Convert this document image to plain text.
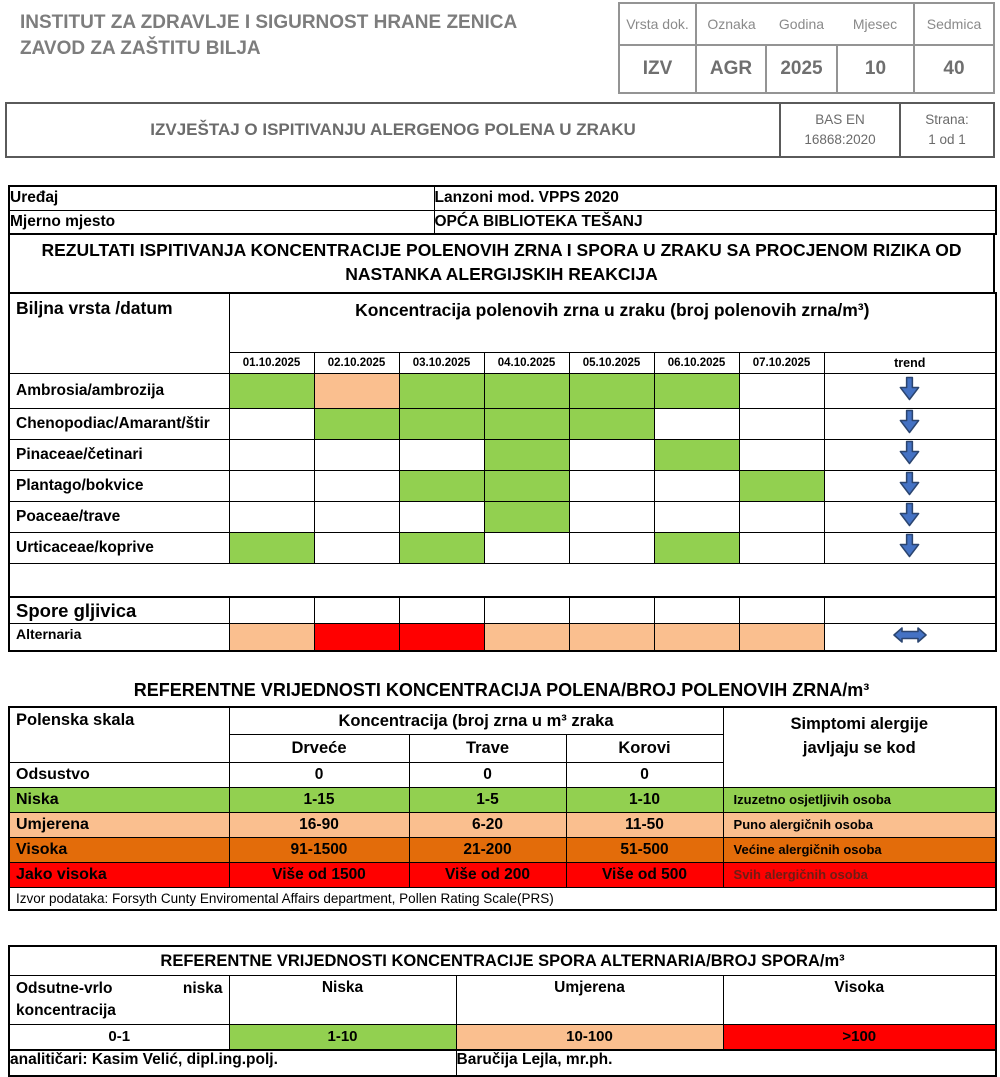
INSTITUT ZA ZDRAVLJE I SIGURNOST HRANE ZENICA
ZAVOD ZA ZAŠTITU BILJA
Vrsta dok.	Oznaka	Godina	Mjesec	Sedmica
IZV	AGR	2025	10	40
IZVJEŠTAJ O ISPITIVANJU ALERGENOG POLENA U ZRAKU
BAS EN
16868:2020
Strana:
1 od 1
Uređaj	Lanzoni mod. VPPS 2020
Mjerno mjesto	OPĆA BIBLIOTEKA TEŠANJ
REZULTATI ISPITIVANJA KONCENTRACIJE POLENOVIH ZRNA I SPORA U ZRAKU SA PROCJENOM RIZIKA OD NASTANKA ALERGIJSKIH REAKCIJA
Biljna vrsta /datum	Koncentracija polenovih zrna u zraku (broj polenovih zrna/m³)							
	01.10.2025	02.10.2025	03.10.2025	04.10.2025	05.10.2025	06.10.2025	07.10.2025	trend
Ambrosia/ambrozija								
Chenopodiac/Amarant/štir								
Pinaceae/četinari								
Plantago/bokvice								
Poaceae/trave								
Urticaceae/koprive								

Spore gljivica								
Alternaria								
REFERENTNE VRIJEDNOSTI KONCENTRACIJA POLENA/BROJ POLENOVIH ZRNA/m³
Polenska skala	Koncentracija (broj zrna u m³ zraka			Simptomi alergije
javljaju se kod

	Drveće	Trave	Korovi	
Odsustvo	0	0	0	
Niska	1-15	1-5	1-10	Izuzetno osjetljivih osoba
Umjerena	16-90	6-20	11-50	Puno alergičnih osoba
Visoka	91-1500	21-200	51-500	Većine alergičnih osoba
Jako visoka	Više od 1500	Više od 200	Više od 500	Svih alergičnih osoba
Izvor podataka: Forsyth Cunty Enviromental Affairs department, Pollen Rating Scale(PRS)				
REFERENTNE VRIJEDNOSTI KONCENTRACIJE SPORA ALTERNARIA/BROJ SPORA/m³			
Odsutne-vrlo niska koncentracija	Niska	Umjerena	Visoka
0-1	1-10	10-100	>100
analitičari: Kasim Velić, dipl.ing.polj.	Baručija Lejla, mr.ph.
